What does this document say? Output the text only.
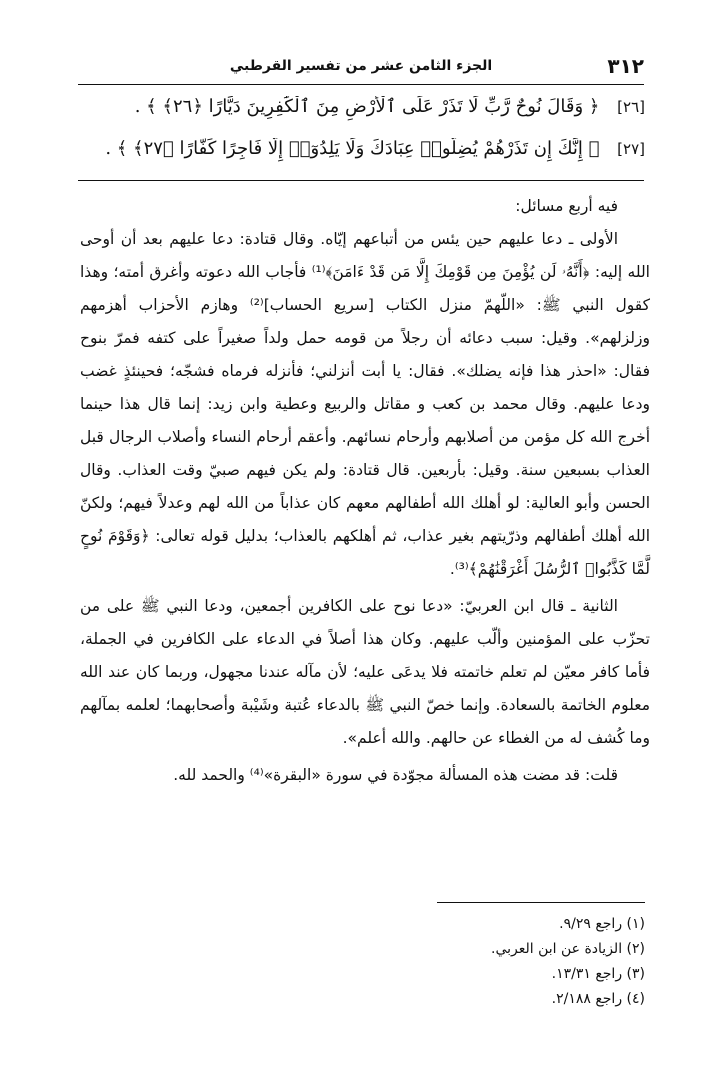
٣١٢
الجزء الثامن عشر من تفسير القرطبي
[٢٦] ﴿ وَقَالَ نُوحٌ رَّبِّ لَا تَذَرْ عَلَى ٱلْأَرْضِ مِنَ ٱلْكَٰفِرِينَ دَيَّارًا ﴿٢٦﴾ ﴾ .
[٢٧] ﴿ إِنَّكَ إِن تَذَرْهُمْ يُضِلُّوا۟ عِبَادَكَ وَلَا يَلِدُوٓا۟ إِلَّا فَاجِرًا كَفَّارًا ﴿٢٧﴾ ﴾ .

فيه أربع مسائل:

الأولى ـ دعا عليهم حين يئس من أتباعهم إيّاه. وقال قتادة: دعا عليهم بعد أن أوحى الله إليه: ﴿أَنَّهُۥ لَن يُؤْمِنَ مِن قَوْمِكَ إِلَّا مَن قَدْ ءَامَنَ﴾⁽¹⁾ فأجاب الله دعوته وأغرق أمته؛ وهذا كقول النبي ﷺ: «اللّهمّ منزل الكتاب [سريع الحساب]⁽²⁾ وهازم الأحزاب أهزمهم وزلزلهم». وقيل: سبب دعائه أن رجلاً من قومه حمل ولداً صغيراً على كتفه فمرّ بنوح فقال: «احذر هذا فإنه يضلك». فقال: يا أبت أنزلني؛ فأنزله فرماه فشجّه؛ فحينئذٍ غضب ودعا عليهم. وقال محمد بن كعب و مقاتل والربيع وعطية وابن زيد: إنما قال هذا حينما أخرج الله كل مؤمن من أصلابهم وأرحام نسائهم. وأعقم أرحام النساء وأصلاب الرجال قبل العذاب بسبعين سنة. وقيل: بأربعين. قال قتادة: ولم يكن فيهم صبيّ وقت العذاب. وقال الحسن وأبو العالية: لو أهلك الله أطفالهم معهم كان عذاباً من الله لهم وعدلاً فيهم؛ ولكنّ الله أهلك أطفالهم وذرّيتهم بغير عذاب، ثم أهلكهم بالعذاب؛ بدليل قوله تعالى: ﴿وَقَوْمَ نُوحٍ لَّمَّا كَذَّبُوا۟ ٱلرُّسُلَ أَغْرَقْنَٰهُمْ﴾⁽³⁾.

الثانية ـ قال ابن العربيّ: «دعا نوح على الكافرين أجمعين، ودعا النبي ﷺ على من تحزّب على المؤمنين وألّب عليهم. وكان هذا أصلاً في الدعاء على الكافرين في الجملة، فأما كافر معيّن لم تعلم خاتمته فلا يدعَى عليه؛ لأن مآله عندنا مجهول، وربما كان عند الله معلوم الخاتمة بالسعادة. وإنما خصّ النبي ﷺ بالدعاء عُتبة وشَيْبة وأصحابهما؛ لعلمه بمآلهم وما كُشف له من الغطاء عن حالهم. والله أعلم».

قلت: قد مضت هذه المسألة مجوّدة في سورة «البقرة»⁽⁴⁾ والحمد لله.

(١) راجع ٩/٢٩.

(٢) الزيادة عن ابن العربي.

(٣) راجع ١٣/٣١.

(٤) راجع ٢/١٨٨.
